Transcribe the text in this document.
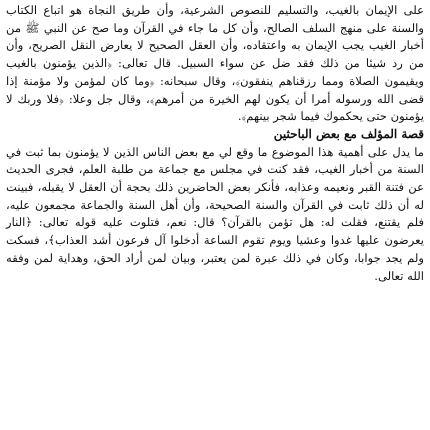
على الإيمان بالغيب، والتسليم للنصوص الشرعية، وأن طريق النجاة هو اتباع الكتاب والسنة على منهج السلف الصالح، وأن كل ما جاء في القرآن وما صح عن النبي ﷺ من أخبار الغيب يجب الإيمان به واعتقاده، وأن العقل الصحيح لا يعارض النقل الصريح، وأن من رد شيئا من ذلك فقد ضل عن سواء السبيل. قال تعالى: ﴿الذين يؤمنون بالغيب ويقيمون الصلاة ومما رزقناهم ينفقون﴾، وقال سبحانه: ﴿وما كان لمؤمن ولا مؤمنة إذا قضى الله ورسوله أمرا أن يكون لهم الخيرة من أمرهم﴾، وقال جل وعلا: ﴿فلا وربك لا يؤمنون حتى يحكموك فيما شجر بينهم﴾.

قصة المؤلف مع بعض الباحثين

ما يدل على أهمية هذا الموضوع ما وقع لي مع بعض الناس الذين لا يؤمنون بما ثبت في السنة من أخبار الغيب، فقد كنت في مجلس مع جماعة من طلبة العلم، فجرى الحديث عن فتنة القبر ونعيمه وعذابه، فأنكر بعض الحاضرين ذلك بحجة أن العقل لا يقبله، فبينت له أن ذلك ثابت في القرآن والسنة الصحيحة، وأن أهل السنة والجماعة مجمعون عليه، فلم يقتنع، فقلت له: هل تؤمن بالقرآن؟ قال: نعم، فتلوت عليه قوله تعالى: ﴿النار يعرضون عليها غدوا وعشيا ويوم تقوم الساعة أدخلوا آل فرعون أشد العذاب﴾، فسكت ولم يجد جوابا، وكان في ذلك عبرة لمن يعتبر، وبيان لمن أراد الحق، وهداية لمن وفقه الله تعالى.
